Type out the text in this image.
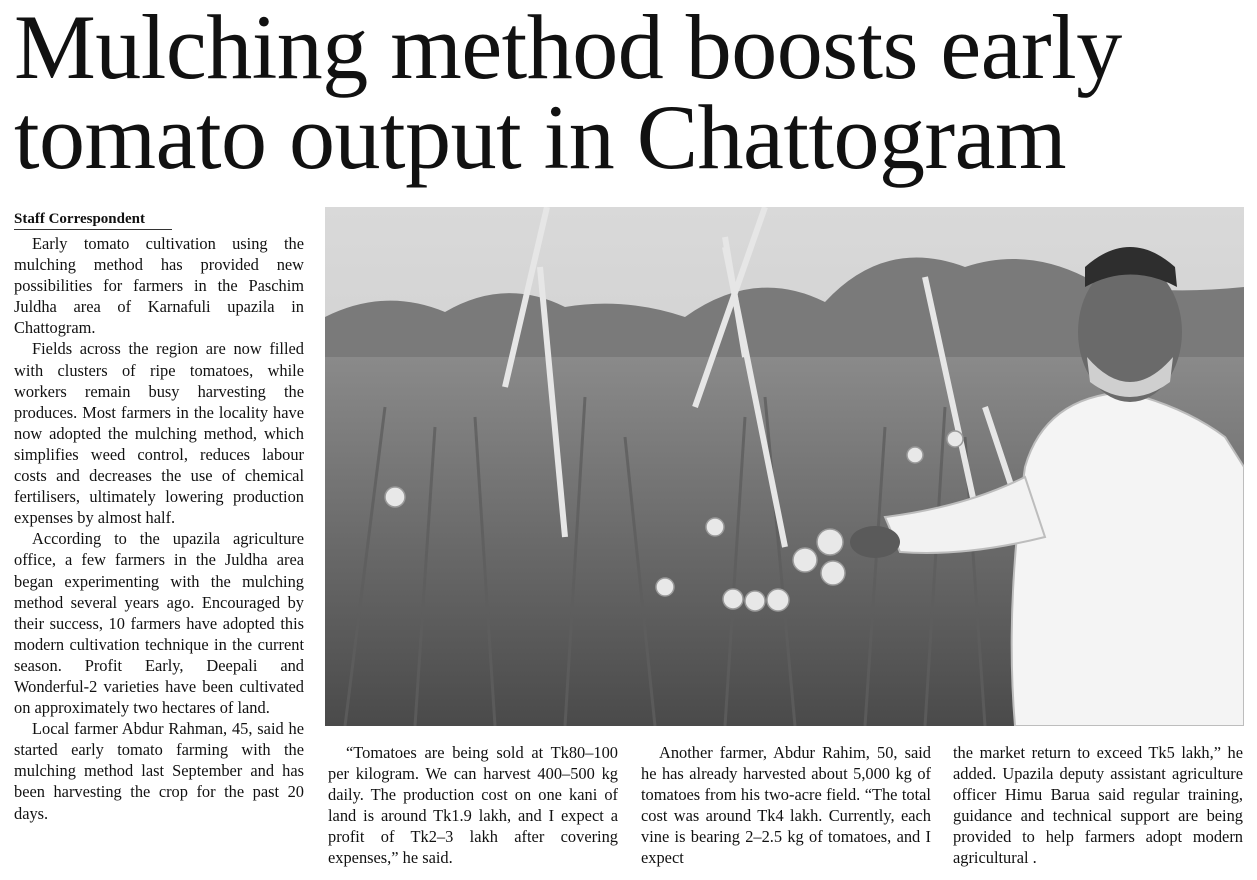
Mulching method boosts early tomato output in Chattogram
Staff Correspondent

Early tomato cultivation using the mulching method has provided new possibilities for farmers in the Paschim Juldha area of Karnafuli upazila in Chattogram.

Fields across the region are now filled with clusters of ripe tomatoes, while workers remain busy harvesting the produces. Most farmers in the locality have now adopted the mulching method, which simplifies weed control, reduces labour costs and decreases the use of chemical fertilisers, ultimately lowering production expenses by almost half.

According to the upazila agriculture office, a few farmers in the Juldha area began experimenting with the mulching method several years ago. Encouraged by their success, 10 farmers have adopted this modern cultivation technique in the current season. Profit Early, Deepali and Wonderful-2 varieties have been cultivated on approximately two hectares of land.

Local farmer Abdur Rahman, 45, said he started early tomato farming with the mulching method last September and has been harvesting the crop for the past 20 days.

“Tomatoes are being sold at Tk80–100 per kilogram. We can harvest 400–500 kg daily. The production cost on one kani of land is around Tk1.9 lakh, and I expect a profit of Tk2–3 lakh after covering expenses,” he said.

Another farmer, Abdur Rahim, 50, said he has already harvested about 5,000 kg of tomatoes from his two-acre field. “The total cost was around Tk4 lakh. Currently, each vine is bearing 2–2.5 kg of tomatoes, and I expect

the market return to exceed Tk5 lakh,” he added. Upazila deputy assistant agriculture officer Himu Barua said regular training, guidance and technical support are being provided to help farmers adopt modern agricultural .
